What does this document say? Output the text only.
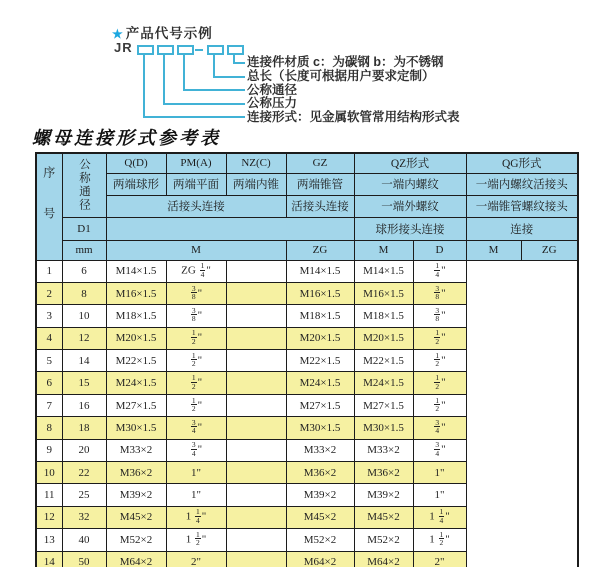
★ 产品代号示例
JR
连接件材质 c：为碳钢 b：为不锈钢
总长（长度可根据用户要求定制）
公称通径
公称压力
连接形式：见金属软管常用结构形式表
螺母连接形式参考表
序号	公称通径	Q(D)	PM(A)	NZ(C)	GZ	QZ形式		QG形式	
		两端球形	两端平面	两端内锥	两端锥管	一端内螺纹		一端内螺纹活接头	
		活接头连接			活接头连接	一端外螺纹		一端锥管螺纹接头	
	D1					球形接头连接		连接	
	mm	M			ZG	M	D	M	ZG
1	6	M14×1.5	ZG $\frac{1}{4}$ "		M14×1.5	M14×1.5	$\frac{1}{4}$ "		
2	8	M16×1.5	$\frac{3}{8}$ "		M16×1.5	M16×1.5	$\frac{3}{8}$ "		
3	10	M18×1.5	$\frac{3}{8}$ "		M18×1.5	M18×1.5	$\frac{3}{8}$ "		
4	12	M20×1.5	$\frac{1}{2}$ "		M20×1.5	M20×1.5	$\frac{1}{2}$ "		
5	14	M22×1.5	$\frac{1}{2}$ "		M22×1.5	M22×1.5	$\frac{1}{2}$ "		
6	15	M24×1.5	$\frac{1}{2}$ "		M24×1.5	M24×1.5	$\frac{1}{2}$ "		
7	16	M27×1.5	$\frac{1}{2}$ "		M27×1.5	M27×1.5	$\frac{1}{2}$ "		
8	18	M30×1.5	$\frac{3}{4}$ "		M30×1.5	M30×1.5	$\frac{3}{4}$ "		
9	20	M33×2	$\frac{3}{4}$ "		M33×2	M33×2	$\frac{3}{4}$ "		
10	22	M36×2	1"		M36×2	M36×2	1"		
11	25	M39×2	1"		M39×2	M39×2	1"		
12	32	M45×2	$1 \frac{1}{4}$ "		M45×2	M45×2	$1 \frac{1}{4}$ "		
13	40	M52×2	$1 \frac{1}{2}$ "		M52×2	M52×2	$1 \frac{1}{2}$ "		
14	50	M64×2	2"		M64×2	M64×2	2"		
